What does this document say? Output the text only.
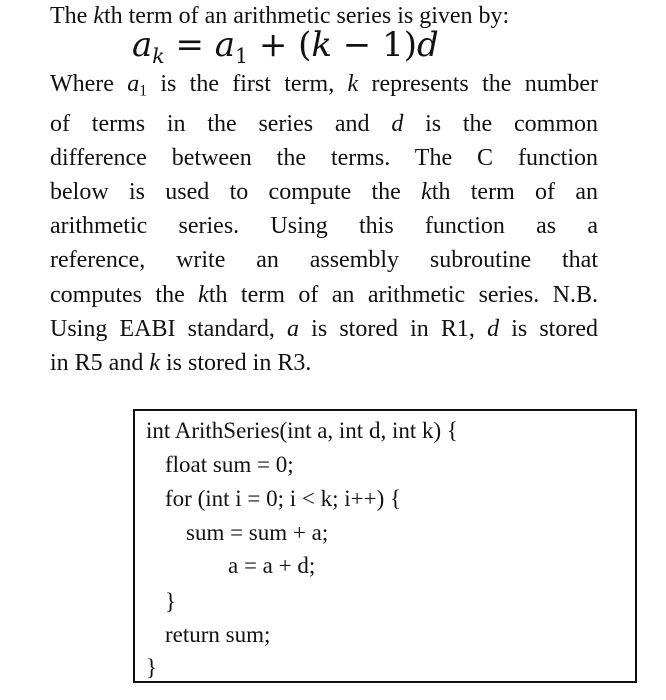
The kth term of an arithmetic series is given by:
$a_k = a_1 + (k - 1)d$
Where $a_1$ is the first term, k represents the number
of terms in the series and d is the common
difference between the terms. The C function
below is used to compute the kth term of an
arithmetic series. Using this function as a
reference, write an assembly subroutine that
computes the kth term of an arithmetic series. N.B.
Using EABI standard, a is stored in R1, d is stored
in R5 and k is stored in R3.
int ArithSeries(int a, int d, int k) {
float sum = 0;
for (int i = 0; i < k; i++) {
sum = sum + a;
a = a + d;
}
return sum;
}
